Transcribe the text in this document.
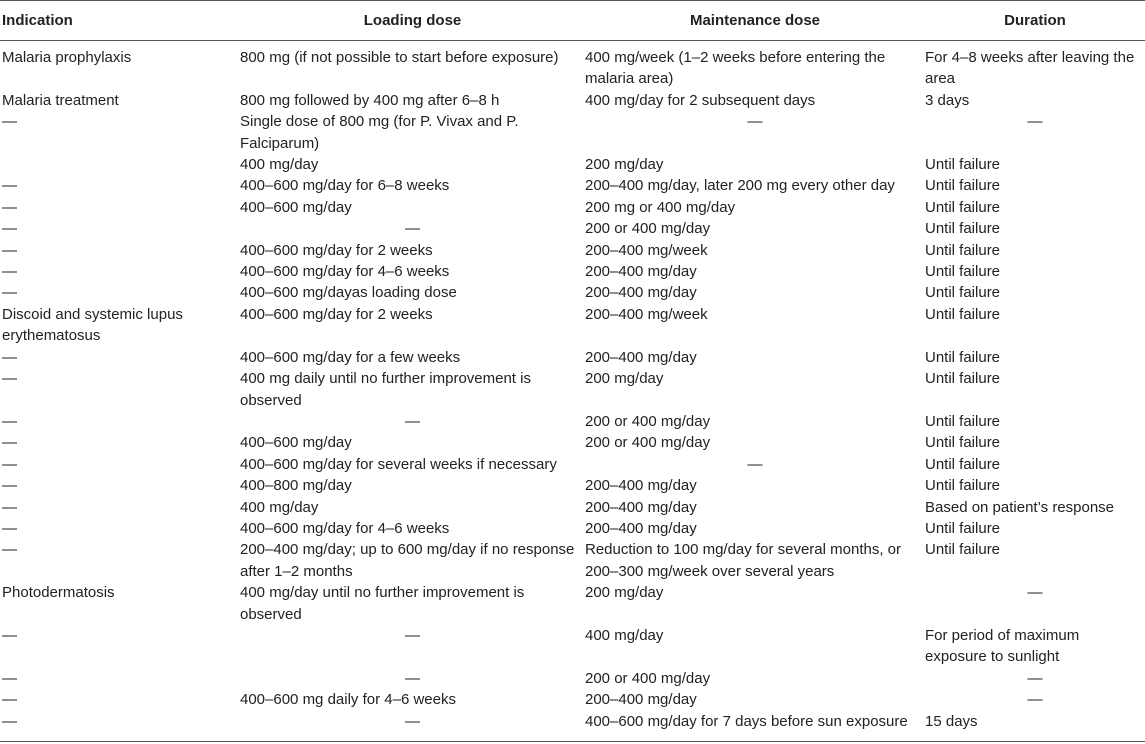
Indication	Loading dose	Maintenance dose	Duration
Malaria prophylaxis	800 mg (if not possible to start before exposure)	400 mg/week (1–2 weeks before entering the malaria area)	For 4–8 weeks after leaving the area
Malaria treatment	800 mg followed by 400 mg after 6–8 h	400 mg/day for 2 subsequent days	3 days
—	Single dose of 800 mg (for P. Vivax and P. Falciparum)	—	—
	400 mg/day	200 mg/day	Until failure
—	400–600 mg/day for 6–8 weeks	200–400 mg/day, later 200 mg every other day	Until failure
—	400–600 mg/day	200 mg or 400 mg/day	Until failure
—	—	200 or 400 mg/day	Until failure
—	400–600 mg/day for 2 weeks	200–400 mg/week	Until failure
—	400–600 mg/day for 4–6 weeks	200–400 mg/day	Until failure
—	400–600 mg/dayas loading dose	200–400 mg/day	Until failure
Discoid and systemic lupus erythematosus	400–600 mg/day for 2 weeks	200–400 mg/week	Until failure
—	400–600 mg/day for a few weeks	200–400 mg/day	Until failure
—	400 mg daily until no further improvement is observed	200 mg/day	Until failure
—	—	200 or 400 mg/day	Until failure
—	400–600 mg/day	200 or 400 mg/day	Until failure
—	400–600 mg/day for several weeks if necessary	—	Until failure
—	400–800 mg/day	200–400 mg/day	Until failure
—	400 mg/day	200–400 mg/day	Based on patient’s response
—	400–600 mg/day for 4–6 weeks	200–400 mg/day	Until failure
—	200–400 mg/day; up to 600 mg/day if no response after 1–2 months	Reduction to 100 mg/day for several months, or 200–300 mg/week over several years	Until failure
Photodermatosis	400 mg/day until no further improvement is observed	200 mg/day	—
—	—	400 mg/day	For period of maximum exposure to sunlight
—	—	200 or 400 mg/day	—
—	400–600 mg daily for 4–6 weeks	200–400 mg/day	—
—	—	400–600 mg/day for 7 days before sun exposure	15 days
